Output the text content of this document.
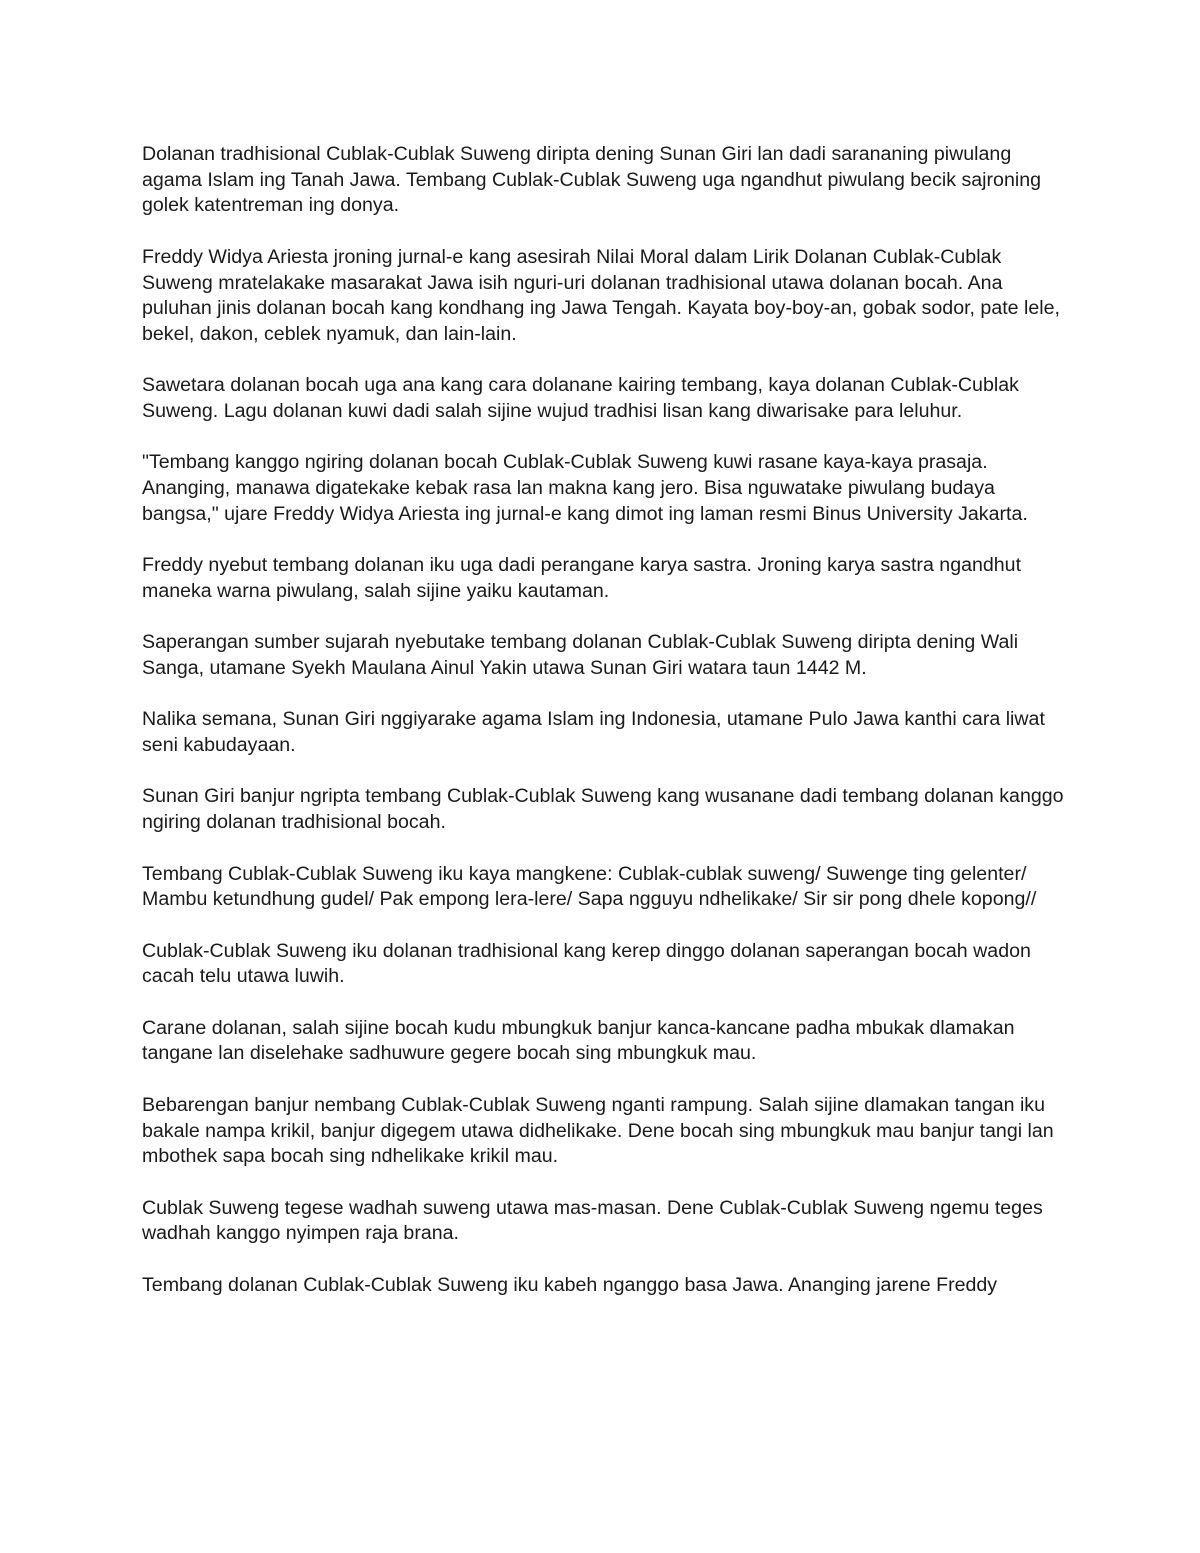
Dolanan tradhisional Cublak-Cublak Suweng diripta dening Sunan Giri lan dadi sarananing piwulang agama Islam ing Tanah Jawa. Tembang Cublak-Cublak Suweng uga ngandhut piwulang becik sajroning golek katentreman ing donya.

Freddy Widya Ariesta jroning jurnal-e kang asesirah Nilai Moral dalam Lirik Dolanan Cublak-Cublak Suweng mratelakake masarakat Jawa isih nguri-uri dolanan tradhisional utawa dolanan bocah. Ana puluhan jinis dolanan bocah kang kondhang ing Jawa Tengah. Kayata boy-boy-an, gobak sodor, pate lele, bekel, dakon, ceblek nyamuk, dan lain-lain.

Sawetara dolanan bocah uga ana kang cara dolanane kairing tembang, kaya dolanan Cublak-Cublak Suweng. Lagu dolanan kuwi dadi salah sijine wujud tradhisi lisan kang diwarisake para leluhur.

"Tembang kanggo ngiring dolanan bocah Cublak-Cublak Suweng kuwi rasane kaya-kaya prasaja. Ananging, manawa digatekake kebak rasa lan makna kang jero. Bisa nguwatake piwulang budaya bangsa," ujare Freddy Widya Ariesta ing jurnal-e kang dimot ing laman resmi Binus University Jakarta.

Freddy nyebut tembang dolanan iku uga dadi perangane karya sastra. Jroning karya sastra ngandhut maneka warna piwulang, salah sijine yaiku kautaman.

Saperangan sumber sujarah nyebutake tembang dolanan Cublak-Cublak Suweng diripta dening Wali Sanga, utamane Syekh Maulana Ainul Yakin utawa Sunan Giri watara taun 1442 M.

Nalika semana, Sunan Giri nggiyarake agama Islam ing Indonesia, utamane Pulo Jawa kanthi cara liwat seni kabudayaan.

Sunan Giri banjur ngripta tembang Cublak-Cublak Suweng kang wusanane dadi tembang dolanan kanggo ngiring dolanan tradhisional bocah.

Tembang Cublak-Cublak Suweng iku kaya mangkene: Cublak-cublak suweng/ Suwenge ting gelenter/ Mambu ketundhung gudel/ Pak empong lera-lere/ Sapa ngguyu ndhelikake/ Sir sir pong dhele kopong//

Cublak-Cublak Suweng iku dolanan tradhisional kang kerep dinggo dolanan saperangan bocah wadon cacah telu utawa luwih.

Carane dolanan, salah sijine bocah kudu mbungkuk banjur kanca-kancane padha mbukak dlamakan tangane lan diselehake sadhuwure gegere bocah sing mbungkuk mau.

Bebarengan banjur nembang Cublak-Cublak Suweng nganti rampung. Salah sijine dlamakan tangan iku bakale nampa krikil, banjur digegem utawa didhelikake. Dene bocah sing mbungkuk mau banjur tangi lan mbothek sapa bocah sing ndhelikake krikil mau.

Cublak Suweng tegese wadhah suweng utawa mas-masan. Dene Cublak-Cublak Suweng ngemu teges wadhah kanggo nyimpen raja brana.

Tembang dolanan Cublak-Cublak Suweng iku kabeh nganggo basa Jawa. Ananging jarene Freddy
